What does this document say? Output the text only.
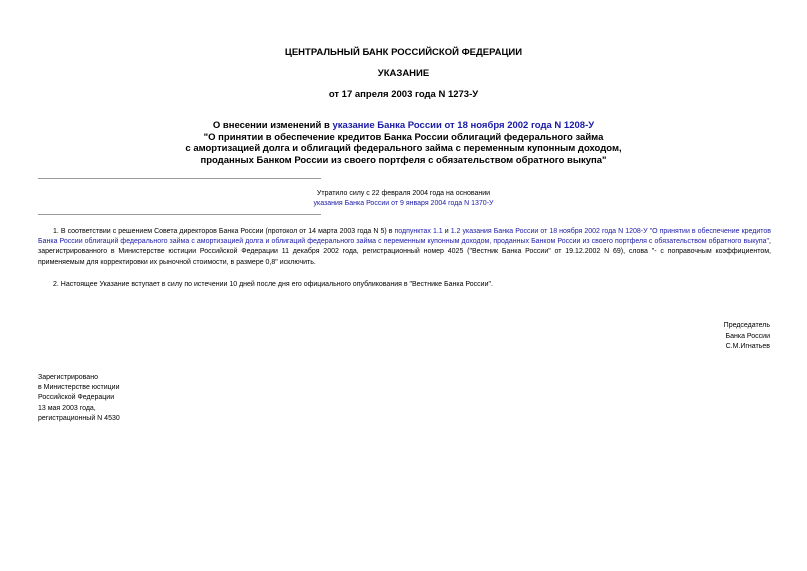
ЦЕНТРАЛЬНЫЙ БАНК РОССИЙСКОЙ ФЕДЕРАЦИИ
УКАЗАНИЕ
от 17 апреля 2003 года N 1273-У
О внесении изменений в указание Банка России от 18 ноября 2002 года N 1208-У
"О принятии в обеспечение кредитов Банка России облигаций федерального займа
с амортизацией долга и облигаций федерального займа с переменным купонным доходом,
проданных Банком России из своего портфеля с обязательством обратного выкупа"
Утратило силу с 22 февраля 2004 года на основании
указания Банка России от 9 января 2004 года N 1370-У
1. В соответствии с решением Совета директоров Банка России (протокол от 14 марта 2003 года N 5) в подпунктах 1.1 и 1.2 указания Банка России от 18 ноября 2002 года N 1208-У "О принятии в обеспечение кредитов Банка России облигаций федерального займа с амортизацией долга и облигаций федерального займа с переменным купонным доходом, проданных Банком России из своего портфеля с обязательством обратного выкупа", зарегистрированного в Министерстве юстиции Российской Федерации 11 декабря 2002 года, регистрационный номер 4025 ("Вестник Банка России" от 19.12.2002 N 69), слова "- с поправочным коэффициентом, применяемым для корректировки их рыночной стоимости, в размере 0,8" исключить.
2. Настоящее Указание вступает в силу по истечении 10 дней после дня его официального опубликования в "Вестнике Банка России".
Председатель
Банка России
С.М.Игнатьев
Зарегистрировано
в Министерстве юстиции
Российской Федерации
13 мая 2003 года,
регистрационный N 4530
